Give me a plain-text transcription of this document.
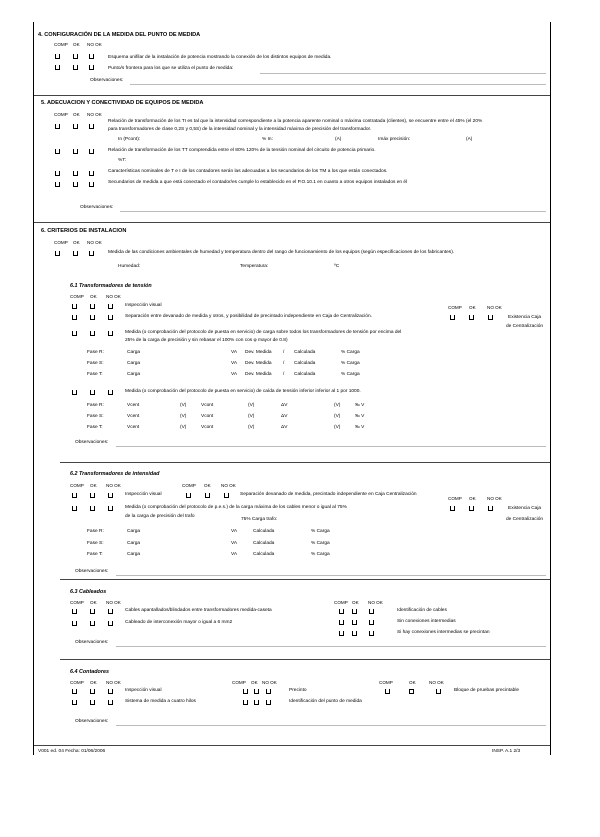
4. CONFIGURACIÓN DE LA MEDIDA DEL PUNTO DE MEDIDA
COMP OK NO OK
Esquema unifilar de la instalación de potencia mostrando la conexión de los distintos equipos de medida.
Punto/s frontera para los que se utiliza el punto de medida:
Observaciones:
5. ADECUACION Y CONECTIVIDAD DE EQUIPOS DE MEDIDA
COMP OK NO OK
Relación de transformación de los TI es tal que la intensidad correspondiente a la potencia aparente nominal o máxima contratada (clientes), se encuentre entre el 45% (el 20%
para transformadores de clase 0,2S y 0,5S) de la intensidad nominal y la intensidad máxima de precisión del transformador.
In (Pcont):	% In:	(A)	Imáx precisión:	(A)
Relación de transformación de los TT comprendida entre el 80% 120% de la tensión nominal del circuito de potencia primario.
%T:
Características nominales de T e I de los contadores serán las adecuadas a los secundarios de los TM a los que están conectados.
Secundarios de medida a que está conectado el contador/es cumple lo establecido en el P.O.10.1 en cuanto a otros equipos instalados en él
Observaciones:
6. CRITERIOS DE INSTALACION
COMP OK NO OK
Medida de las condiciones ambientales de humedad y temperatura dentro del rango de funcionamiento de los equipos (según especificaciones de los fabricantes).
Humedad:	Temperatura:	ºC
6.1 Transformadores de tensión
COMP OK NO OK
Inspección visual
Separación entre devanado de medida y otros, y posibilidad de precintado independiente en Caja de Centralización.
COMP OK NO OK
Existencia Caja
de Centralización
Medida (o comprobación del protocolo de puesta en servicio) de carga sobre todos los transformadores de tensión por encima del
25% de la carga de precisión y sin rebasar el 100% con cos φ mayor de 0.8)
Fase R:	Carga	VA Dev. Medida / Calculada	% Carga
Fase S:	Carga	VA Dev. Medida / Calculada	% Carga
Fase T:	Carga	VA Dev. Medida / Calculada	% Carga
Medida (o comprobación del protocolo de puesta en servicio) de caída de tensión inferior inferior al 1 por 1000.
Fase R:	Vcent	(V)	Vcont	(V)	ΔV	(V)	‰ V
Fase S:	Vcent	(V)	Vcont	(V)	ΔV	(V)	‰ V
Fase T:	Vcent	(V)	Vcont	(V)	ΔV	(V)	‰ V
Observaciones:
6.2 Transformadores de intensidad
COMP OK NO OK	COMP OK NO OK
Inspección visual	Separación devanado de medida, precintado independiente en Caja Centralización
COMP OK NO OK
Existencia Caja
de Centralización
Medida (o comprobación del protocolo de p.e.s.) de la carga máxima de los cables menor o igual al 75%
de la carga de precisión del trafo
75% Carga trafo:
Fase R:	Carga	VA	Calculada	% Carga
Fase S:	Carga	VA	Calculada	% Carga
Fase T:	Carga	VA	Calculada	% Carga
Observaciones:
6.3 Cableados
COMP OK NO OK	COMP OK NO OK
Cables apantallados/blindados entre transformadores medida-caseta	Identificación de cables
Cableado de interconexión mayor o igual a 6 mm2	Sin conexiones intermedias
Si hay conexiones intermedias se precintan
Observaciones:
6.4 Contadores
COMP OK NO OK	COMP OK NO OK	COMP	OK	NO OK
Inspección visual	Precinto	Bloque de pruebas precintable
Sistema de medida a cuatro hilos	Identificación del punto de medida
Observaciones:
V001 ed. 04 Fecha: 01/06/2006	INSP. A.1 2/3
